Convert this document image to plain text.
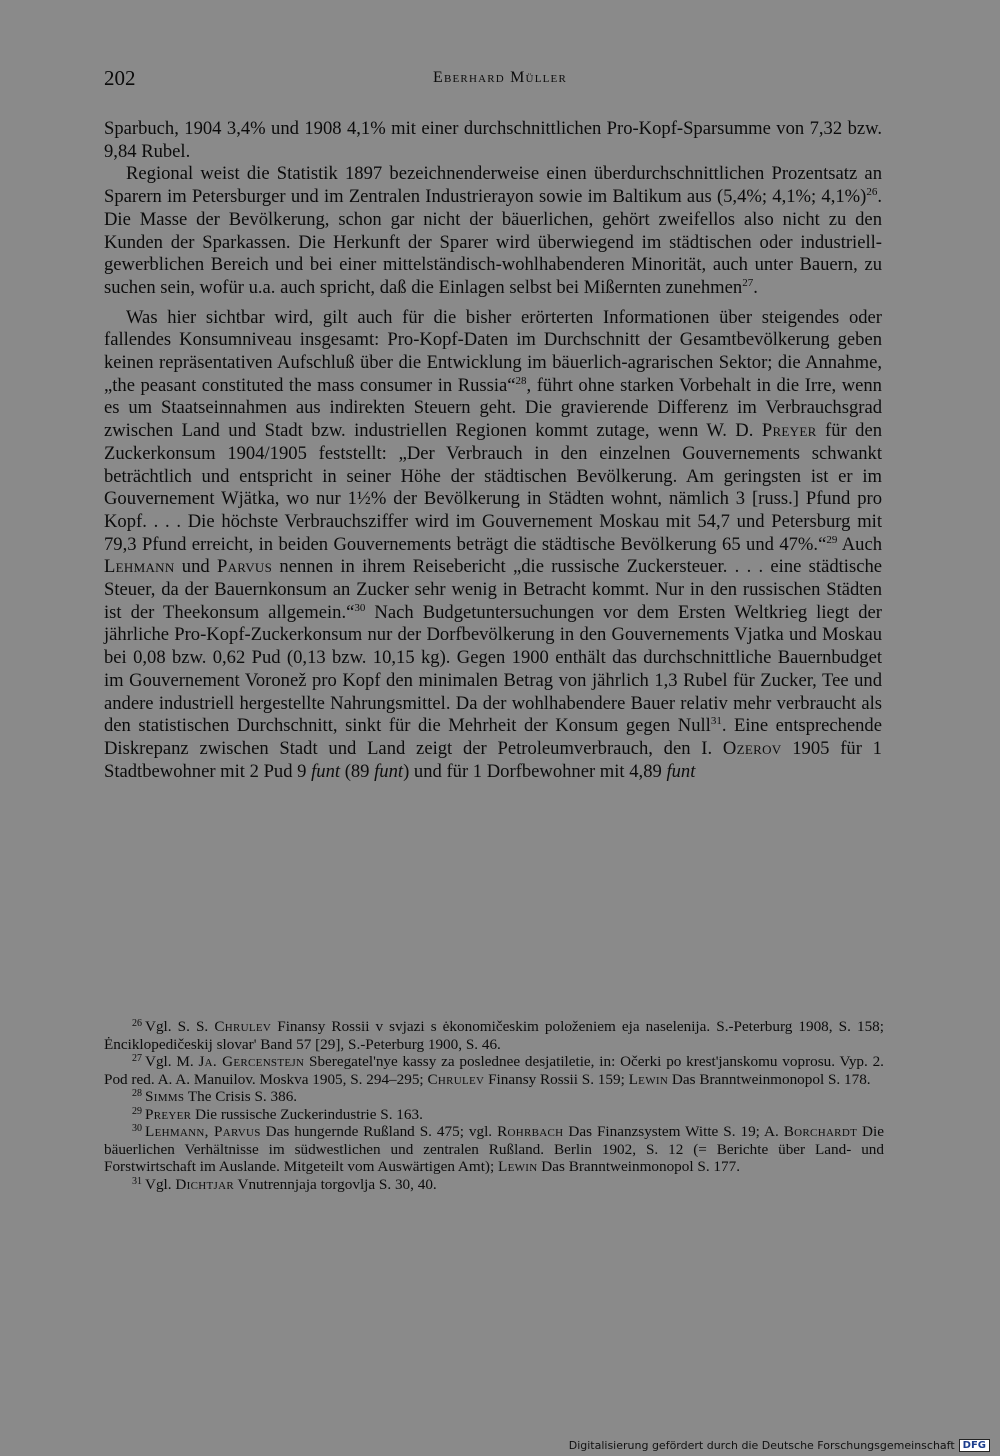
202	Eberhard Müller

Sparbuch, 1904 3,4% und 1908 4,1% mit einer durchschnittlichen Pro-Kopf-Sparsumme von 7,32 bzw. 9,84 Rubel.

Regional weist die Statistik 1897 bezeichnenderweise einen überdurchschnittlichen Prozentsatz an Sparern im Petersburger und im Zentralen Industrierayon sowie im Baltikum aus (5,4%; 4,1%; 4,1%)$^{26}$. Die Masse der Bevölkerung, schon gar nicht der bäuerlichen, gehört zweifellos also nicht zu den Kunden der Sparkassen. Die Herkunft der Sparer wird überwiegend im städtischen oder industriell-gewerblichen Bereich und bei einer mittelständisch-wohlhabenderen Minorität, auch unter Bauern, zu suchen sein, wofür u.a. auch spricht, daß die Einlagen selbst bei Mißernten zunehmen$^{27}$.

Was hier sichtbar wird, gilt auch für die bisher erörterten Informationen über steigendes oder fallendes Konsumniveau insgesamt: Pro-Kopf-Daten im Durchschnitt der Gesamtbevölkerung geben keinen repräsentativen Aufschluß über die Entwicklung im bäuerlich-agrarischen Sektor; die Annahme, „the peasant constituted the mass consumer in Russia“$^{28}$, führt ohne starken Vorbehalt in die Irre, wenn es um Staatseinnahmen aus indirekten Steuern geht. Die gravierende Differenz im Verbrauchsgrad zwischen Land und Stadt bzw. industriellen Regionen kommt zutage, wenn W. D. Preyer für den Zuckerkonsum 1904/1905 feststellt: „Der Verbrauch in den einzelnen Gouvernements schwankt beträchtlich und entspricht in seiner Höhe der städtischen Bevölkerung. Am geringsten ist er im Gouvernement Wjätka, wo nur 1½% der Bevölkerung in Städten wohnt, nämlich 3 [russ.] Pfund pro Kopf. . . . Die höchste Verbrauchsziffer wird im Gouvernement Moskau mit 54,7 und Petersburg mit 79,3 Pfund erreicht, in beiden Gouvernements beträgt die städtische Bevölkerung 65 und 47%.“$^{29}$ Auch Lehmann und Parvus nennen in ihrem Reisebericht „die russische Zuckersteuer. . . . eine städtische Steuer, da der Bauernkonsum an Zucker sehr wenig in Betracht kommt. Nur in den russischen Städten ist der Theekonsum allgemein.“$^{30}$ Nach Budgetuntersuchungen vor dem Ersten Weltkrieg liegt der jährliche Pro-Kopf-Zuckerkonsum nur der Dorfbevölkerung in den Gouvernements Vjatka und Moskau bei 0,08 bzw. 0,62 Pud (0,13 bzw. 10,15 kg). Gegen 1900 enthält das durchschnittliche Bauernbudget im Gouvernement Voronež pro Kopf den minimalen Betrag von jährlich 1,3 Rubel für Zucker, Tee und andere industriell hergestellte Nahrungsmittel. Da der wohlhabendere Bauer relativ mehr verbraucht als den statistischen Durchschnitt, sinkt für die Mehrheit der Konsum gegen Null$^{31}$. Eine entsprechende Diskrepanz zwischen Stadt und Land zeigt der Petroleumverbrauch, den I. Ozerov 1905 für 1 Stadtbewohner mit 2 Pud 9 funt (89 funt) und für 1 Dorfbewohner mit 4,89 funt

$^{26}$ Vgl. S. S. Chrulev Finansy Rossii v svjazi s ėkonomičeskim položeniem eja naselenija. S.-Peterburg 1908, S. 158; Ėnciklopedičeskij slovar' Band 57 [29], S.-Peterburg 1900, S. 46.

$^{27}$ Vgl. M. Ja. Gercenstejn Sberegatel'nye kassy za poslednee desjatiletie, in: Očerki po krest'janskomu voprosu. Vyp. 2. Pod red. A. A. Manuilov. Moskva 1905, S. 294–295; Chrulev Finansy Rossii S. 159; Lewin Das Branntweinmonopol S. 178.

$^{28}$ Simms The Crisis S. 386.

$^{29}$ Preyer Die russische Zuckerindustrie S. 163.

$^{30}$ Lehmann, Parvus Das hungernde Rußland S. 475; vgl. Rohrbach Das Finanzsystem Witte S. 19; A. Borchardt Die bäuerlichen Verhältnisse im südwestlichen und zentralen Rußland. Berlin 1902, S. 12 (= Berichte über Land- und Forstwirtschaft im Auslande. Mitgeteilt vom Auswärtigen Amt); Lewin Das Branntweinmonopol S. 177.

$^{31}$ Vgl. Dichtjar Vnutrennjaja torgovlja S. 30, 40.

Digitalisierung gefördert durch die Deutsche Forschungsgemeinschaft DFG
